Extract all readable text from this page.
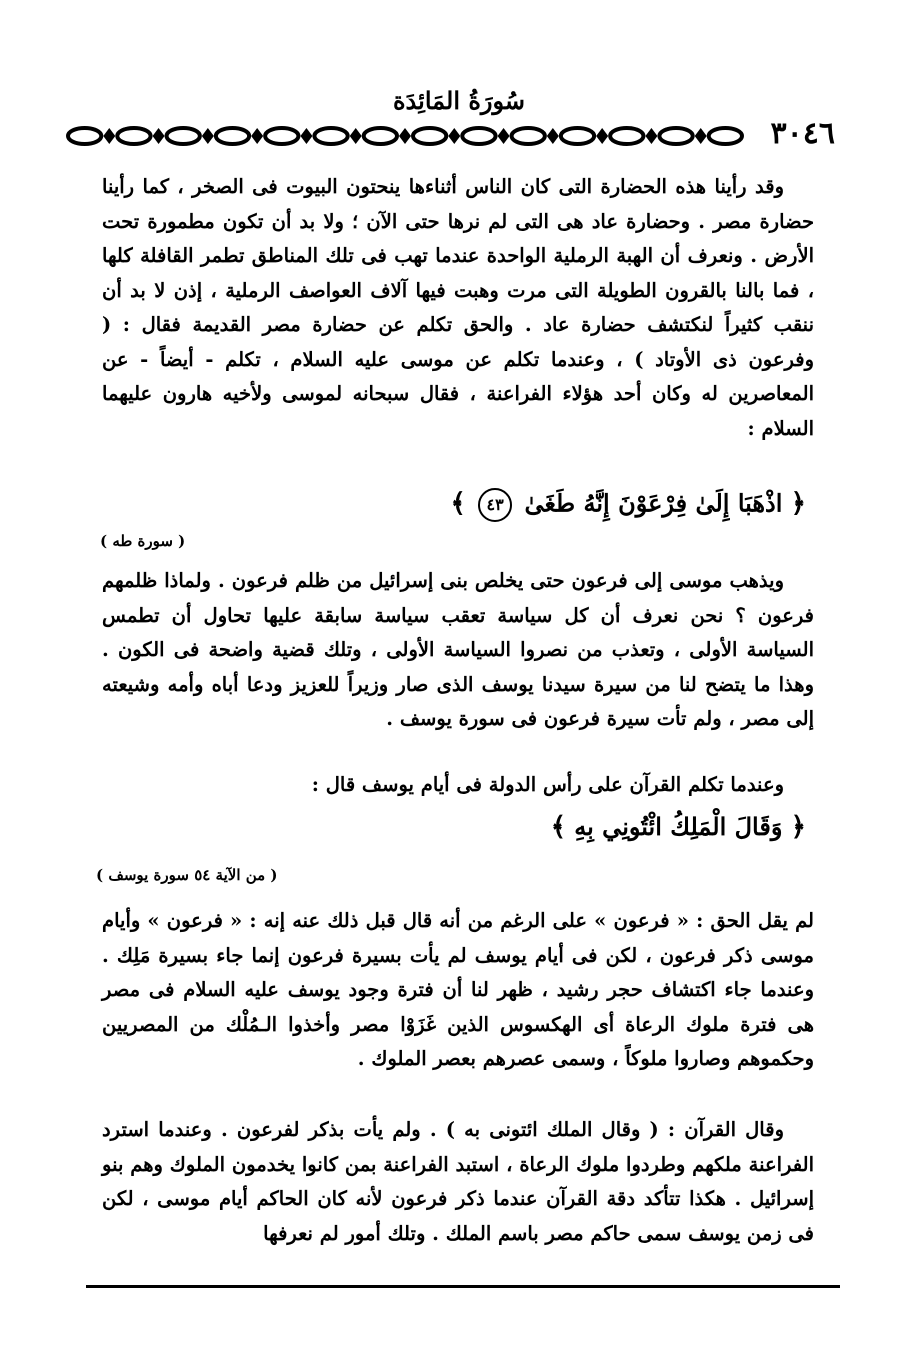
سُورَةُ المَائِدَة
٣٠٤٦

وقد رأينا هذه الحضارة التى كان الناس أثناءها ينحتون البيوت فى الصخر ، كما رأينا حضارة مصر . وحضارة عاد هى التى لم نرها حتى الآن ؛ ولا بد أن تكون مطمورة تحت الأرض . ونعرف أن الهبة الرملية الواحدة عندما تهب فى تلك المناطق تطمر القافلة كلها ، فما بالنا بالقرون الطويلة التى مرت وهبت فيها آلاف العواصف الرملية ، إذن لا بد أن ننقب كثيراً لنكتشف حضارة عاد . والحق تكلم عن حضارة مصر القديمة فقال : ( وفرعون ذى الأوتاد ) ، وعندما تكلم عن موسى عليه السلام ، تكلم - أيضاً - عن المعاصرين له وكان أحد هؤلاء الفراعنة ، فقال سبحانه لموسى ولأخيه هارون عليهما السلام :

﴿ اذْهَبَا إِلَىٰ فِرْعَوْنَ إِنَّهُ طَغَىٰ ٤٣ ﴾
( سورة طه )

ويذهب موسى إلى فرعون حتى يخلص بنى إسرائيل من ظلم فرعون . ولماذا ظلمهم فرعون ؟ نحن نعرف أن كل سياسة تعقب سياسة سابقة عليها تحاول أن تطمس السياسة الأولى ، وتعذب من نصروا السياسة الأولى ، وتلك قضية واضحة فى الكون . وهذا ما يتضح لنا من سيرة سيدنا يوسف الذى صار وزيراً للعزيز ودعا أباه وأمه وشيعته إلى مصر ، ولم تأت سيرة فرعون فى سورة يوسف .

وعندما تكلم القرآن على رأس الدولة فى أيام يوسف قال :

﴿ وَقَالَ الْمَلِكُ ائْتُونِي بِهِ ﴾
( من الآية ٥٤ سورة يوسف )

لم يقل الحق : « فرعون » على الرغم من أنه قال قبل ذلك عنه إنه : « فرعون » وأيام موسى ذكر فرعون ، لكن فى أيام يوسف لم يأت بسيرة فرعون إنما جاء بسيرة مَلِك . وعندما جاء اكتشاف حجر رشيد ، ظهر لنا أن فترة وجود يوسف عليه السلام فى مصر هى فترة ملوك الرعاة أى الهكسوس الذين غَزَوْا مصر وأخذوا الـمُلْك من المصريين وحكموهم وصاروا ملوكاً ، وسمى عصرهم بعصر الملوك .

وقال القرآن : ( وقال الملك ائتونى به ) . ولم يأت بذكر لفرعون . وعندما استرد الفراعنة ملكهم وطردوا ملوك الرعاة ، استبد الفراعنة بمن كانوا يخدمون الملوك وهم بنو إسرائيل . هكذا تتأكد دقة القرآن عندما ذكر فرعون لأنه كان الحاكم أيام موسى ، لكن فى زمن يوسف سمى حاكم مصر باسم الملك . وتلك أمور لم نعرفها
